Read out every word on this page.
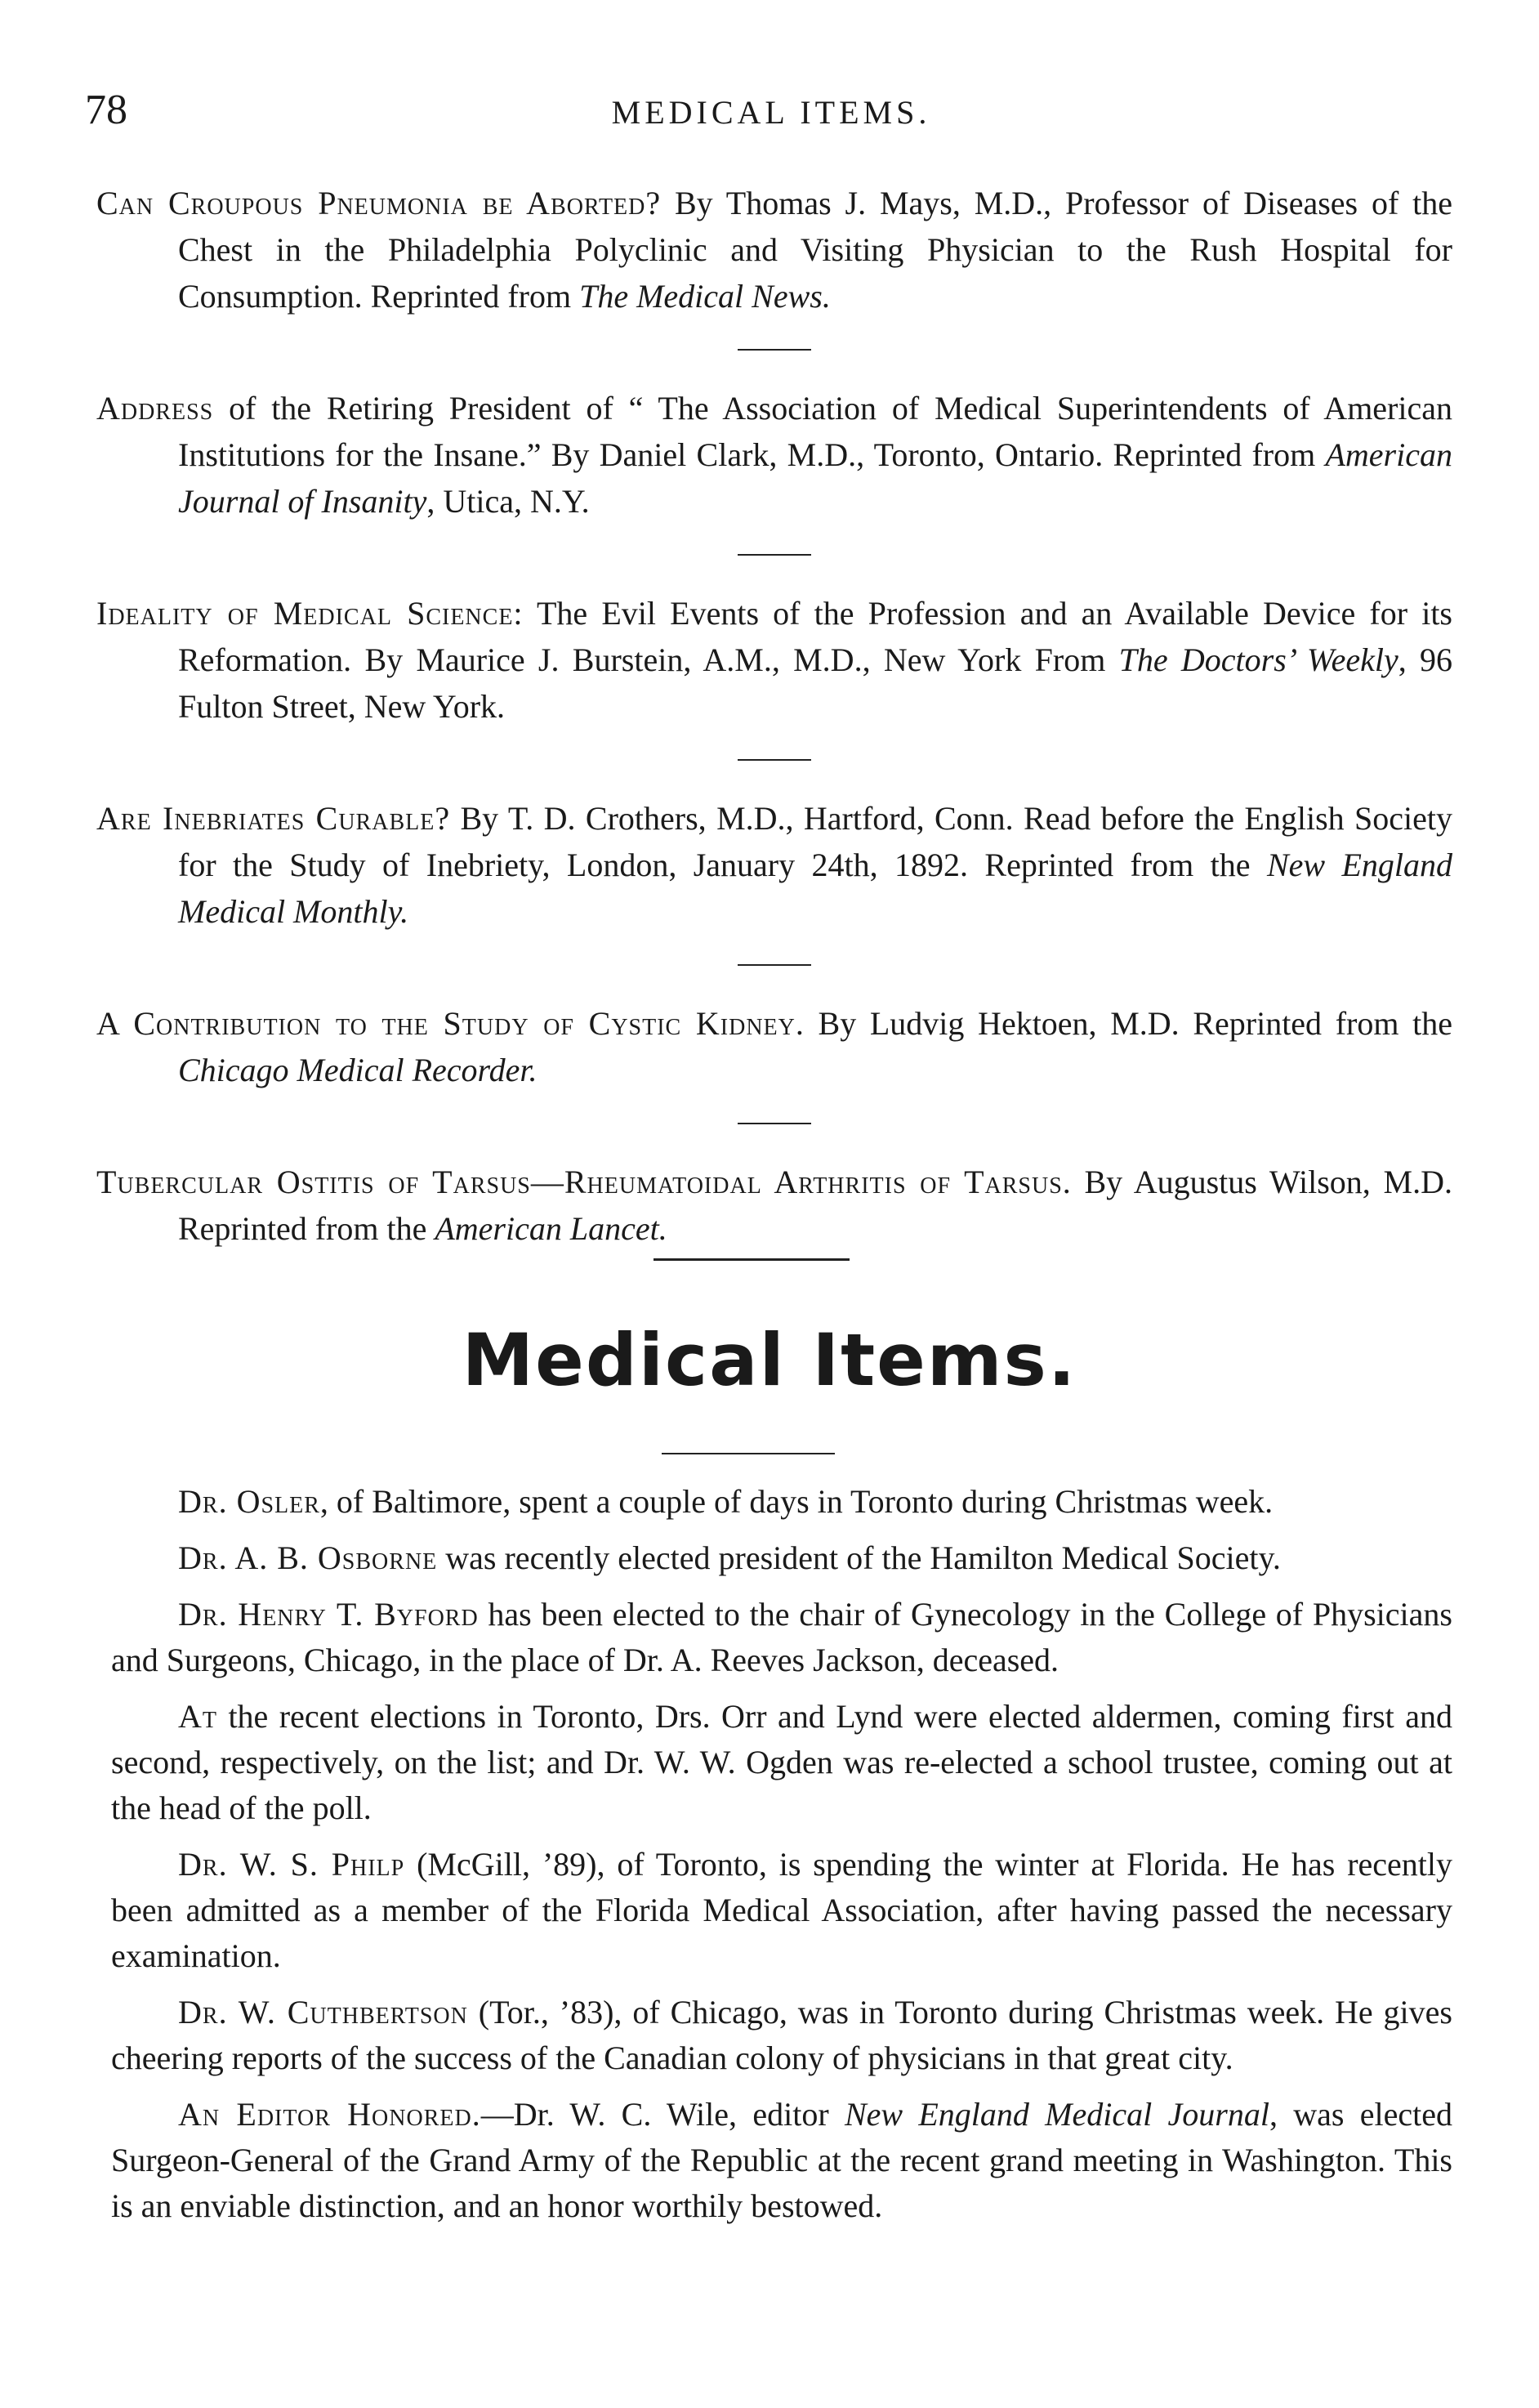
78	MEDICAL ITEMS.

Can Croupous Pneumonia be Aborted? By Thomas J. Mays, M.D., Professor of Diseases of the Chest in the Philadelphia Polyclinic and Visiting Physician to the Rush Hospital for Consumption. Reprinted from The Medical News.

Address of the Retiring President of “ The Association of Medical Superintendents of American Institutions for the Insane.” By Daniel Clark, M.D., Toronto, Ontario. Reprinted from American Journal of Insanity, Utica, N.Y.

Ideality of Medical Science: The Evil Events of the Profession and an Available Device for its Reformation. By Maurice J. Burstein, A.M., M.D., New York From The Doctors’ Weekly, 96 Fulton Street, New York.

Are Inebriates Curable? By T. D. Crothers, M.D., Hartford, Conn. Read before the English Society for the Study of Inebriety, London, January 24th, 1892. Reprinted from the New England Medical Monthly.

A Contribution to the Study of Cystic Kidney. By Ludvig Hektoen, M.D. Reprinted from the Chicago Medical Recorder.

Tubercular Ostitis of Tarsus—Rheumatoidal Arthritis of Tarsus. By Augustus Wilson, M.D. Reprinted from the American Lancet.

Medical Items.

Dr. Osler, of Baltimore, spent a couple of days in Toronto during Christmas week.

Dr. A. B. Osborne was recently elected president of the Hamilton Medical Society.

Dr. Henry T. Byford has been elected to the chair of Gynecology in the College of Physicians and Surgeons, Chicago, in the place of Dr. A. Reeves Jackson, deceased.

At the recent elections in Toronto, Drs. Orr and Lynd were elected aldermen, coming first and second, respectively, on the list; and Dr. W. W. Ogden was re-elected a school trustee, coming out at the head of the poll.

Dr. W. S. Philp (McGill, ’89), of Toronto, is spending the winter at Florida. He has recently been admitted as a member of the Florida Medical Association, after having passed the necessary examination.

Dr. W. Cuthbertson (Tor., ’83), of Chicago, was in Toronto during Christmas week. He gives cheering reports of the success of the Canadian colony of physicians in that great city.

An Editor Honored.—Dr. W. C. Wile, editor New England Medical Journal, was elected Surgeon-General of the Grand Army of the Republic at the recent grand meeting in Washington. This is an enviable distinction, and an honor worthily bestowed.
